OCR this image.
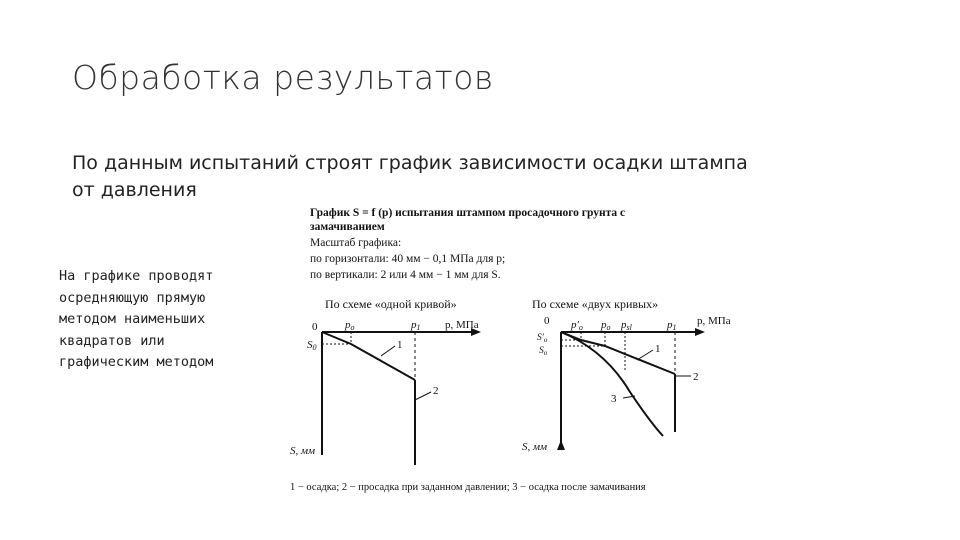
Обработка результатов
По данным испытаний строят график зависимости осадки штампа
от давления
На графике проводят осредняющую прямую методом наименьших квадратов или графическим методом
График S = f (p) испытания штампом просадочного грунта с
замачиванием
Масштаб графика:
по горизонтали: 40 мм − 0,1 МПа для p;
по вертикали: 2 или 4 мм − 1 мм для S.
По схеме «одной кривой»	По схеме «двух кривых»
0	po	p1 p, МПа
S0	1
2
S, мм
0 p′o po psl	p1
p, МПа
$S'_o$
$S_o$	1
2
3
S, мм
1 − осадка; 2 − просадка при заданном давлении; 3 − осадка после замачивания
